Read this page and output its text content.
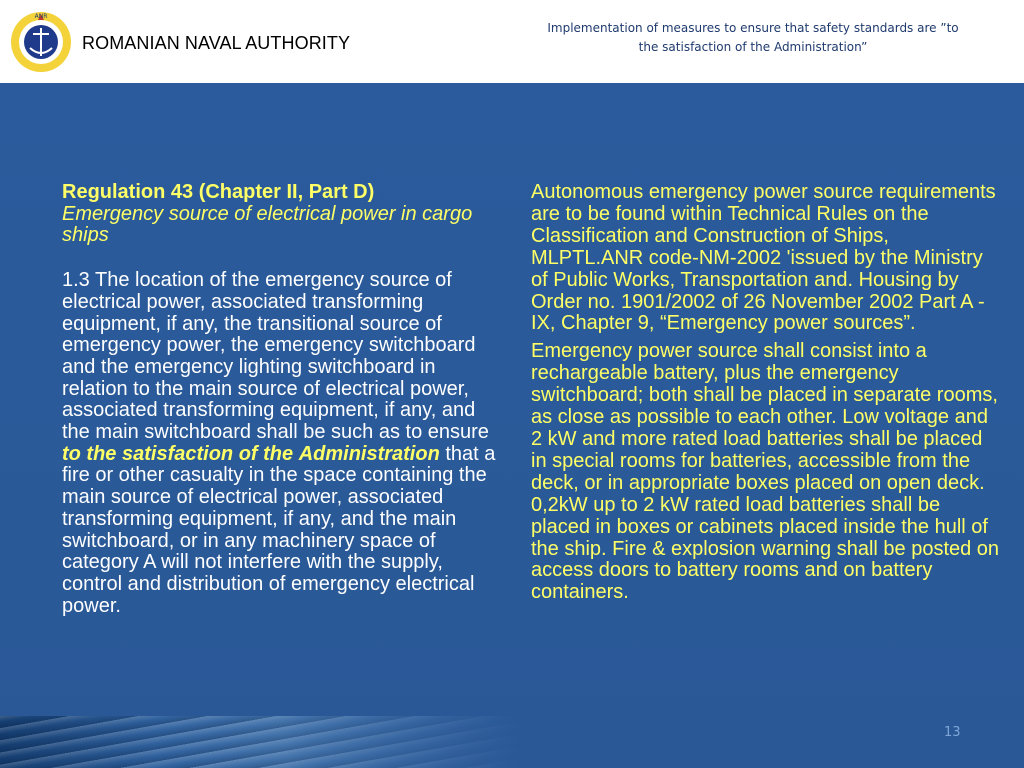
ANR
ROMANIAN NAVAL AUTHORITY
Implementation of measures to ensure that safety standards are ”to
the satisfaction of the Administration”
Regulation 43 (Chapter II, Part D)
Emergency source of electrical power in cargo ships
1.3 The location of the emergency source of electrical power, associated transforming equipment, if any, the transitional source of emergency power, the emergency switchboard and the emergency lighting switchboard in relation to the main source of electrical power, associated transforming equipment, if any, and the main switchboard shall be such as to ensure to the satisfaction of the Administration that a fire or other casualty in the space containing the main source of electrical power, associated transforming equipment, if any, and the main switchboard, or in any machinery space of category A will not interfere with the supply, control and distribution of emergency electrical power.

Autonomous emergency power source requirements are to be found within Technical Rules on the Classification and Construction of Ships, MLPTL.ANR code-NM-2002 'issued by the Ministry of Public Works, Transportation and. Housing by Order no. 1901/2002 of 26 November 2002 Part A - IX, Chapter 9, “Emergency power sources”.

Emergency power source shall consist into a rechargeable battery, plus the emergency switchboard; both shall be placed in separate rooms, as close as possible to each other. Low voltage and 2 kW and more rated load batteries shall be placed in special rooms for batteries, accessible from the deck, or in appropriate boxes placed on open deck. 0,2kW up to 2 kW rated load batteries shall be placed in boxes or cabinets placed inside the hull of the ship. Fire & explosion warning shall be posted on access doors to battery rooms and on battery containers.

13
